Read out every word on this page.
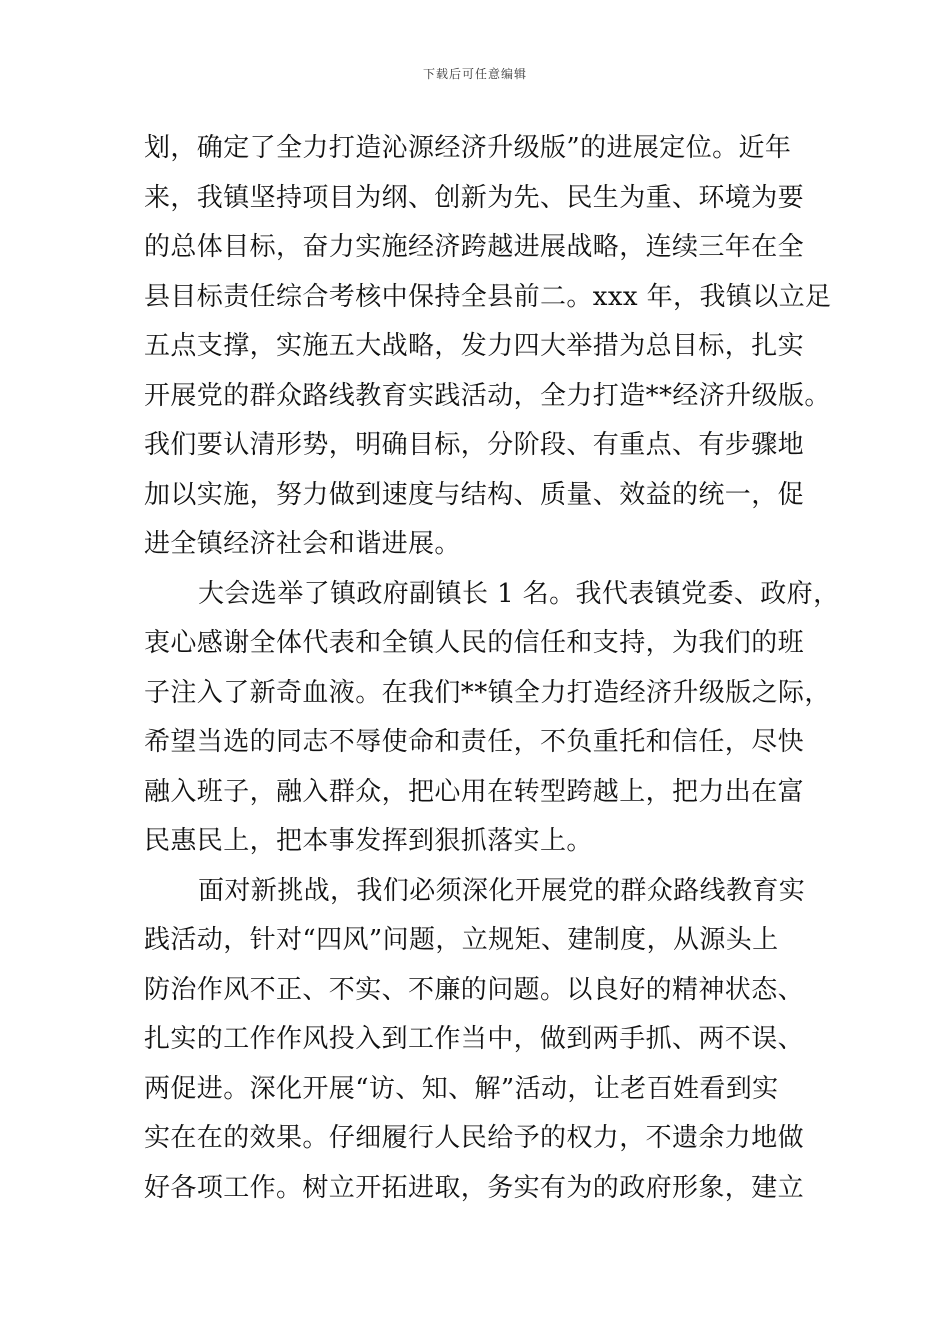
下载后可任意编辑
划，确定了全力打造沁源经济升级版”的进展定位。近年
来，我镇坚持项目为纲、创新为先、民生为重、环境为要
的总体目标，奋力实施经济跨越进展战略，连续三年在全
县目标责任综合考核中保持全县前二。xxx 年，我镇以立足
五点支撑，实施五大战略，发力四大举措为总目标，扎实
开展党的群众路线教育实践活动，全力打造**经济升级版。
我们要认清形势，明确目标，分阶段、有重点、有步骤地
加以实施，努力做到速度与结构、质量、效益的统一，促
进全镇经济社会和谐进展。
大会选举了镇政府副镇长 1 名。我代表镇党委、政府，
衷心感谢全体代表和全镇人民的信任和支持，为我们的班
子注入了新奇血液。在我们**镇全力打造经济升级版之际，
希望当选的同志不辱使命和责任，不负重托和信任，尽快
融入班子，融入群众，把心用在转型跨越上，把力出在富
民惠民上，把本事发挥到狠抓落实上。
面对新挑战，我们必须深化开展党的群众路线教育实
践活动，针对“四风”问题，立规矩、建制度，从源头上
防治作风不正、不实、不廉的问题。以良好的精神状态、
扎实的工作作风投入到工作当中，做到两手抓、两不误、
两促进。深化开展“访、知、解”活动，让老百姓看到实
实在在的效果。仔细履行人民给予的权力，不遗余力地做
好各项工作。树立开拓进取，务实有为的政府形象，建立
